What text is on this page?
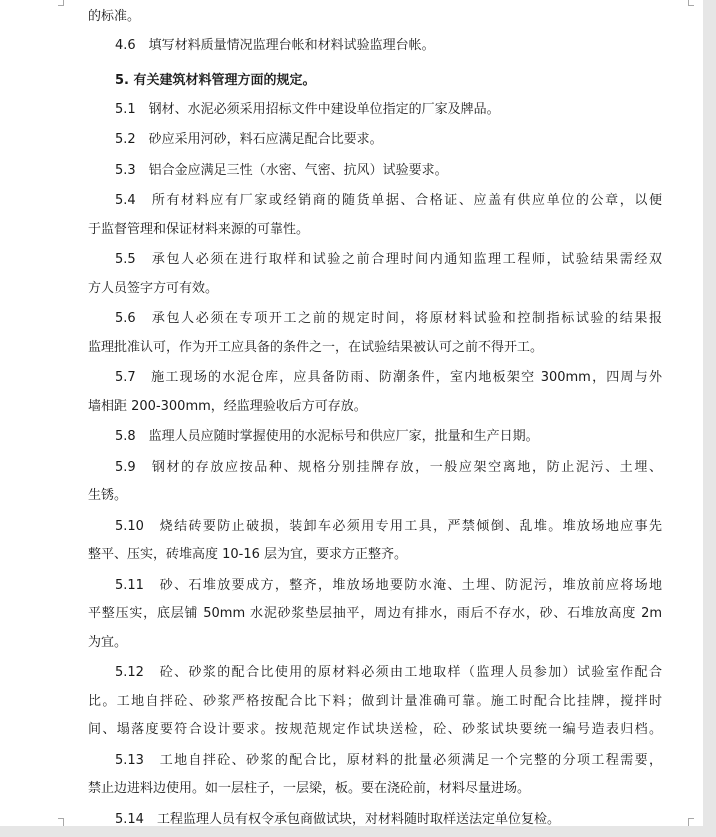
的标准。
4.6　填写材料质量情况监理台帐和材料试验监理台帐。
5. 有关建筑材料管理方面的规定。
5.1　钢材、水泥必须采用招标文件中建设单位指定的厂家及牌品。
5.2　砂应采用河砂，料石应满足配合比要求。
5.3　铝合金应满足三性（水密、气密、抗风）试验要求。
5.4　所有材料应有厂家或经销商的随货单据、合格证、应盖有供应单位的公章，以便
于监督管理和保证材料来源的可靠性。
5.5　承包人必须在进行取样和试验之前合理时间内通知监理工程师，试验结果需经双
方人员签字方可有效。
5.6　承包人必须在专项开工之前的规定时间，将原材料试验和控制指标试验的结果报
监理批准认可，作为开工应具备的条件之一，在试验结果被认可之前不得开工。
5.7　施工现场的水泥仓库，应具备防雨、防潮条件，室内地板架空 300mm，四周与外
墙相距 200-300mm，经监理验收后方可存放。
5.8　监理人员应随时掌握使用的水泥标号和供应厂家，批量和生产日期。
5.9　钢材的存放应按品种、规格分别挂牌存放，一般应架空离地，防止泥污、土埋、
生锈。
5.10　烧结砖要防止破损，装卸车必须用专用工具，严禁倾倒、乱堆。堆放场地应事先
整平、压实，砖堆高度 10-16 层为宜，要求方正整齐。
5.11　砂、石堆放要成方，整齐，堆放场地要防水淹、土埋、防泥污，堆放前应将场地
平整压实，底层铺 50mm 水泥砂浆垫层抽平，周边有排水，雨后不存水，砂、石堆放高度 2m
为宜。
5.12　砼、砂浆的配合比使用的原材料必须由工地取样（监理人员参加）试验室作配合
比。工地自拌砼、砂浆严格按配合比下料；做到计量准确可靠。施工时配合比挂牌，搅拌时
间、塌落度要符合设计要求。按规范规定作试块送检，砼、砂浆试块要统一编号造表归档。
5.13　工地自拌砼、砂浆的配合比，原材料的批量必须满足一个完整的分项工程需要，
禁止边进料边使用。如一层柱子，一层梁，板。要在浇砼前，材料尽量进场。
5.14　工程监理人员有权令承包商做试块，对材料随时取样送法定单位复检。
